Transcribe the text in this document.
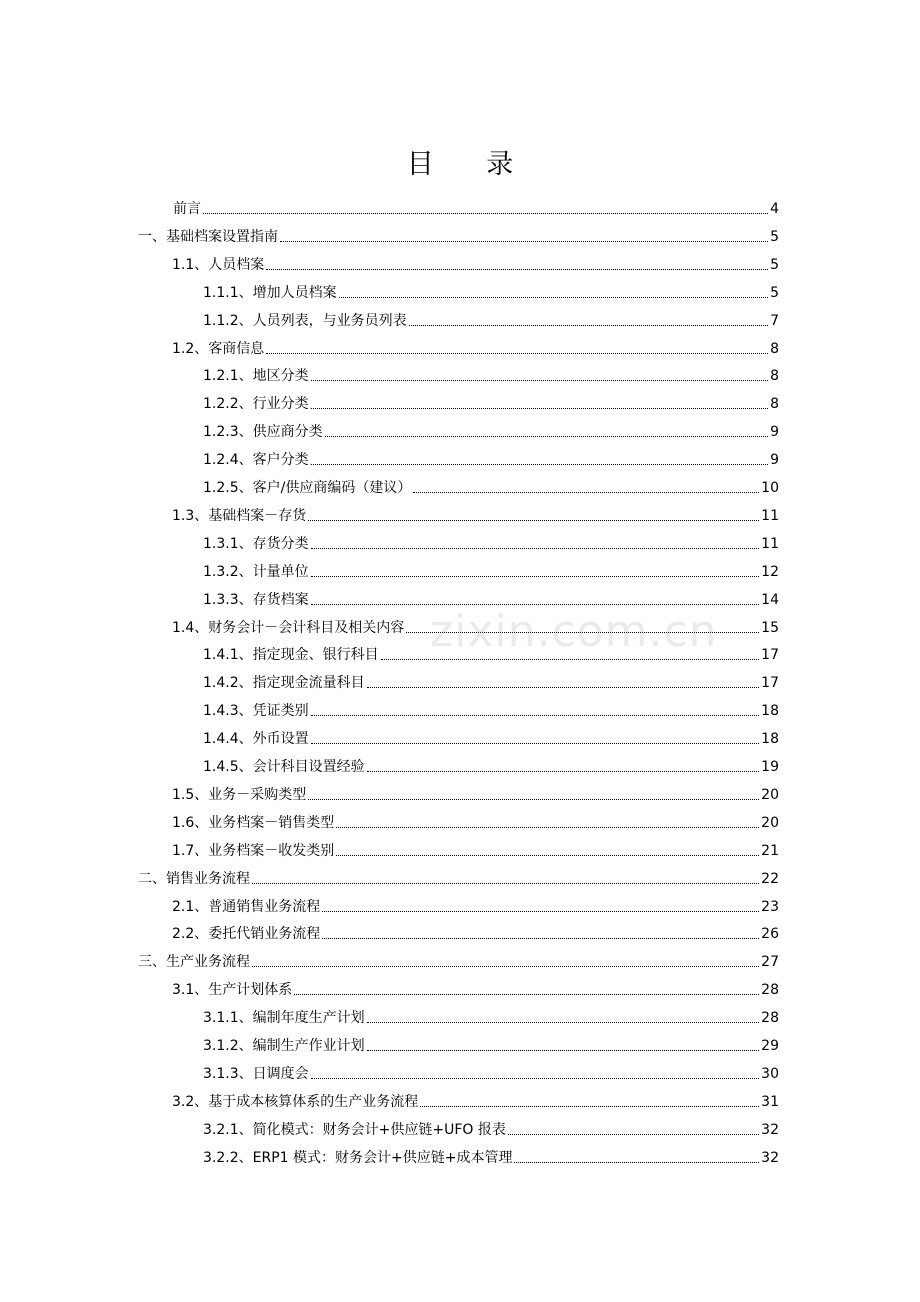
目 录
前言	4
一、基础档案设置指南	5
1.1、人员档案	5
1.1.1、增加人员档案	5
1.1.2、人员列表，与业务员列表	7
1.2、客商信息	8
1.2.1、地区分类	8
1.2.2、行业分类	8
1.2.3、供应商分类	9
1.2.4、客户分类	9
1.2.5、客户/供应商编码（建议）	10
1.3、基础档案－存货	11
1.3.1、存货分类	11
1.3.2、计量单位	12
1.3.3、存货档案	14
1.4、财务会计－会计科目及相关内容	15
1.4.1、指定现金、银行科目	17
1.4.2、指定现金流量科目	17
1.4.3、凭证类别	18
1.4.4、外币设置	18
1.4.5、会计科目设置经验	19
1.5、业务－采购类型	20
1.6、业务档案－销售类型	20
1.7、业务档案－收发类别	21
二、销售业务流程	22
2.1、普通销售业务流程	23
2.2、委托代销业务流程	26
三、生产业务流程	27
3.1、生产计划体系	28
3.1.1、编制年度生产计划	28
3.1.2、编制生产作业计划	29
3.1.3、日调度会	30
3.2、基于成本核算体系的生产业务流程	31
3.2.1、简化模式：财务会计+供应链+UFO 报表	32
3.2.2、ERP1 模式：财务会计+供应链+成本管理	32
zixin.com.cn
